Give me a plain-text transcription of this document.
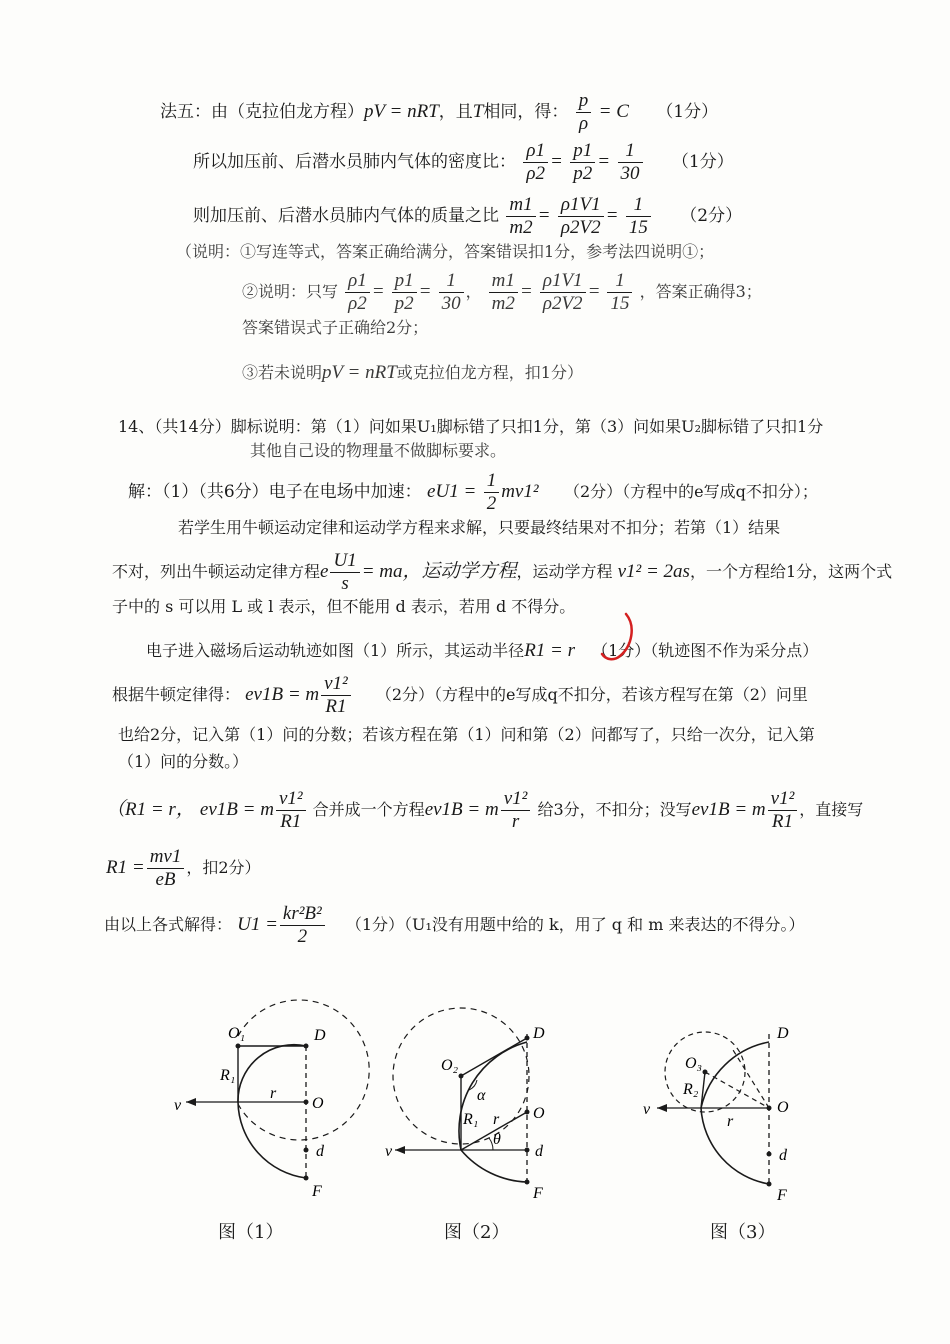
法五：由（克拉伯龙方程）pV = nRT，且T相同，得： $\frac{p}{\rho} = C$ （1分）
所以加压前、后潜水员肺内气体的密度比： $\frac{\rho 1}{\rho 2} = \frac{p1}{p2} = \frac{1}{30} (1$分）
则加压前、后潜水员肺内气体的质量之比 $\frac{m1}{m2} = \frac{\rho 1V1}{\rho 2V2} = \frac{1}{15} (2$分）
（说明：①写连等式，答案正确给满分，答案错误扣1分，参考法四说明①；
②说明：只写 $\frac{\rho 1}{\rho 2} = \frac{p1}{p2} = \frac{1}{30}$ ， $\frac{m1}{m2} = \frac{\rho 1V1}{\rho 2V2} = \frac{1}{15}$ ，答案正确得3；
答案错误式子正确给2分；
③若未说明pV = nRT或克拉伯龙方程，扣1分）
14、（共14分）脚标说明：第（1）问如果U₁脚标错了只扣1分，第（3）问如果U₂脚标错了只扣1分
其他自己设的物理量不做脚标要求。
解：（1）（共6分）电子在电场中加速： $eU1 = \frac{1}{2} mv1^2$ （2分）（方程中的e写成q不扣分）；
若学生用牛顿运动定律和运动学方程来求解，只要最终结果对不扣分；若第（1）结果
不对，列出牛顿运动定律方程e $\frac{U1}{s}$ = ma，运动学方程，运动学方程 v1² = 2as，一个方程给1分，这两个式
子中的 s 可以用 L 或 l 表示，但不能用 d 表示，若用 d 不得分。
电子进入磁场后运动轨迹如图（1）所示，其运动半径R1 = r （1分）（轨迹图不作为采分点）
根据牛顿定律得： ev1B = m $\frac{\text{v1²}}{R1} (2$分）（方程中的e写成q不扣分，若该方程写在第（2）问里
也给2分，记入第（1）问的分数；若该方程在第（1）问和第（2）问都写了，只给一次分，记入第
（1）问的分数。）
（R1 = r， ev1B = m $\frac{\text{v1²}}{R1}$ 合并成一个方程ev1B = m $\frac{\text{v1²}}{r}$ 给3分，不扣分；没写ev1B = m $\frac{\text{v1²}}{R1}$ ，直接写
$R1 = \frac{mv1}{eB}$ ，扣2分）
由以上各式解得： $U1 = \frac{\text{kr²B²}}{2} (1$分）（U₁没有用题中给的 k，用了 q 和 m 来表达的不得分。）
O₁	D
R₁
v
r
O
d
F
图（1）
O₂
D
α
R₁ r O
θ
v	d
F
图（2）
O₃
D
R₂
v
r
O
d
F
图（3）
